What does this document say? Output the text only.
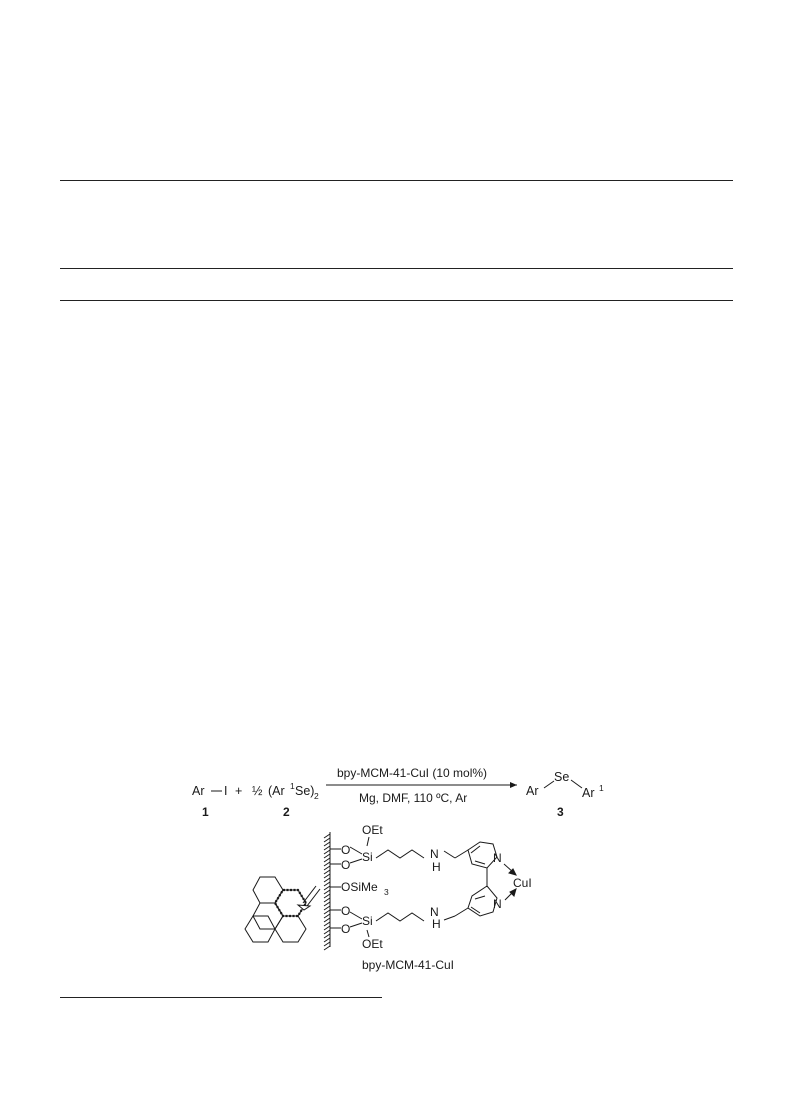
Ar I + ½ (Ar 1 Se) 2
bpy-MCM-41-CuI (10 mol%)
Mg, DMF, 110 ºC, Ar	Ar
Se
Ar 1
1	2	3
OEt
O
O
Si	N
H
N
CuI
OSiMe 3
N
O
O
Si
N
H
OEt
bpy-MCM-41-CuI
